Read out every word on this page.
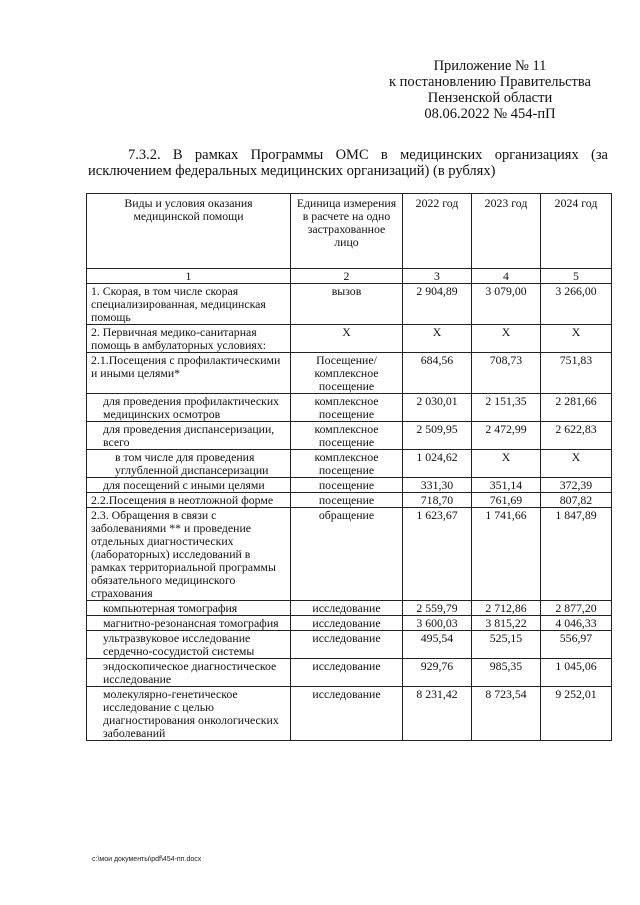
Приложение № 11
к постановлению Правительства
Пензенской области
08.06.2022 № 454-пП
7.3.2. В рамках Программы ОМС в медицинских организациях (за исключением федеральных медицинских организаций) (в рублях)
Виды и условия оказания медицинской помощи	Единица измерения в расчете на одно застрахованное лицо	2022 год	2023 год	2024 год
1	2	3	4	5
1. Скорая, в том числе скорая специализированная, медицинская помощь	вызов	2 904,89	3 079,00	3 266,00
2. Первичная медико-санитарная помощь в амбулаторных условиях:	Х	Х	Х	Х
2.1.Посещения с профилактическими и иными целями*	Посещение/ комплексное посещение	684,56	708,73	751,83
для проведения профилактических медицинских осмотров	комплексное посещение	2 030,01	2 151,35	2 281,66
для проведения диспансеризации, всего	комплексное посещение	2 509,95	2 472,99	2 622,83
в том числе для проведения углубленной диспансеризации	комплексное посещение	1 024,62	Х	Х
для посещений с иными целями	посещение	331,30	351,14	372,39
2.2.Посещения в неотложной форме	посещение	718,70	761,69	807,82
2.3. Обращения в связи с заболеваниями ** и проведение отдельных диагностических (лабораторных) исследований в рамках территориальной программы обязательного медицинского страхования	обращение	1 623,67	1 741,66	1 847,89
компьютерная томография	исследование	2 559,79	2 712,86	2 877,20
магнитно-резонансная томография	исследование	3 600,03	3 815,22	4 046,33
ультразвуковое исследование сердечно-сосудистой системы	исследование	495,54	525,15	556,97
эндоскопическое диагностическое исследование	исследование	929,76	985,35	1 045,06
молекулярно-генетическое исследование с целью диагностирования онкологических заболеваний	исследование	8 231,42	8 723,54	9 252,01
c:\мои документы\pdf\454-пп.docx
